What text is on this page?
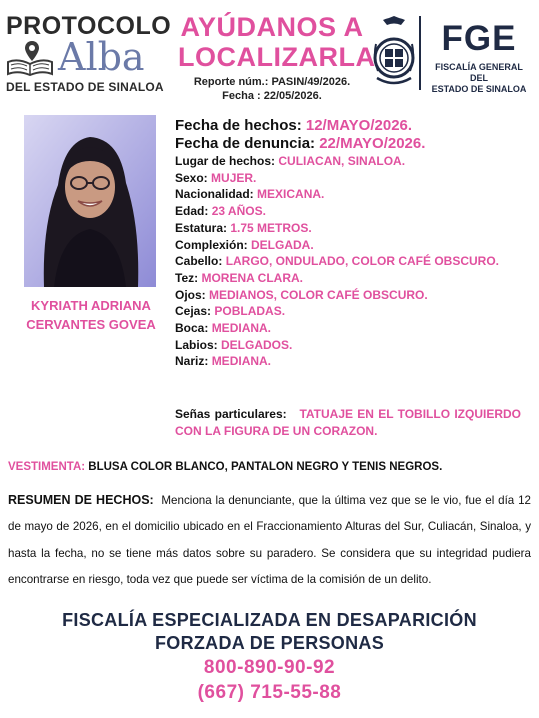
PROTOCOLO
Alba
DEL ESTADO DE SINALOA
AYÚDANOS A
LOCALIZARLA
Reporte núm.: PASIN/49/2026.
Fecha : 22/05/2026.
FGE
FISCALÍA GENERAL DEL
ESTADO DE SINALOA
KYRIATH ADRIANA
CERVANTES GOVEA
Fecha de hechos: 12/MAYO/2026.
Fecha de denuncia: 22/MAYO/2026.
Lugar de hechos: CULIACAN, SINALOA.
Sexo: MUJER.
Nacionalidad: MEXICANA.
Edad: 23 AÑOS.
Estatura: 1.75 METROS.
Complexión: DELGADA.
Cabello: LARGO, ONDULADO, COLOR CAFÉ OBSCURO.
Tez: MORENA CLARA.
Ojos: MEDIANOS, COLOR CAFÉ OBSCURO.
Cejas: POBLADAS.
Boca: MEDIANA.
Labios: DELGADOS.
Nariz: MEDIANA.
Señas particulares: TATUAJE EN EL TOBILLO IZQUIERDO CON LA FIGURA DE UN CORAZON.
VESTIMENTA: BLUSA COLOR BLANCO, PANTALON NEGRO Y TENIS NEGROS.
RESUMEN DE HECHOS: Menciona la denunciante, que la última vez que se le vio, fue el día 12 de mayo de 2026, en el domicilio ubicado en el Fraccionamiento Alturas del Sur, Culiacán, Sinaloa, y hasta la fecha, no se tiene más datos sobre su paradero. Se considera que su integridad pudiera encontrarse en riesgo, toda vez que puede ser víctima de la comisión de un delito.
FISCALÍA ESPECIALIZADA EN DESAPARICIÓN
FORZADA DE PERSONAS
800-890-90-92
(667) 715-55-88
